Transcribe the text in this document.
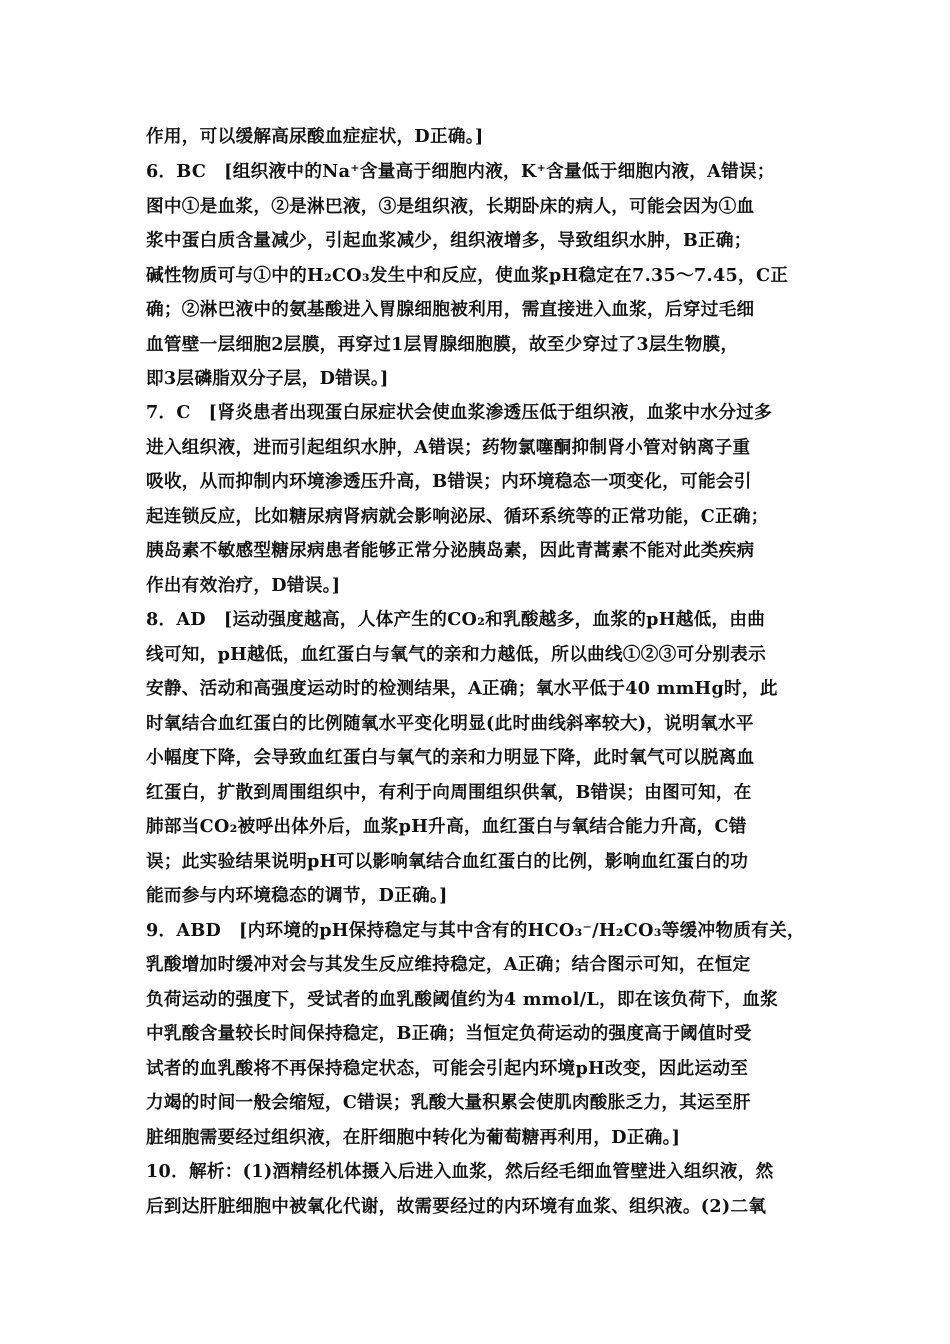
作用，可以缓解高尿酸血症症状，D正确。]
6．BC　[组织液中的Na⁺含量高于细胞内液，K⁺含量低于细胞内液，A错误；
图中①是血浆，②是淋巴液，③是组织液，长期卧床的病人，可能会因为①血
浆中蛋白质含量减少，引起血浆减少，组织液增多，导致组织水肿，B正确；
碱性物质可与①中的H₂CO₃发生中和反应，使血浆pH稳定在7.35～7.45，C正
确；②淋巴液中的氨基酸进入胃腺细胞被利用，需直接进入血浆，后穿过毛细
血管壁一层细胞2层膜，再穿过1层胃腺细胞膜，故至少穿过了3层生物膜，
即3层磷脂双分子层，D错误。]
7．C　[肾炎患者出现蛋白尿症状会使血浆渗透压低于组织液，血浆中水分过多
进入组织液，进而引起组织水肿，A错误；药物氯噻酮抑制肾小管对钠离子重
吸收，从而抑制内环境渗透压升高，B错误；内环境稳态一项变化，可能会引
起连锁反应，比如糖尿病肾病就会影响泌尿、循环系统等的正常功能，C正确；
胰岛素不敏感型糖尿病患者能够正常分泌胰岛素，因此青蒿素不能对此类疾病
作出有效治疗，D错误。]
8．AD　[运动强度越高，人体产生的CO₂和乳酸越多，血浆的pH越低，由曲
线可知，pH越低，血红蛋白与氧气的亲和力越低，所以曲线①②③可分别表示
安静、活动和高强度运动时的检测结果，A正确；氧水平低于40 mmHg时，此
时氧结合血红蛋白的比例随氧水平变化明显(此时曲线斜率较大)，说明氧水平
小幅度下降，会导致血红蛋白与氧气的亲和力明显下降，此时氧气可以脱离血
红蛋白，扩散到周围组织中，有利于向周围组织供氧，B错误；由图可知，在
肺部当CO₂被呼出体外后，血浆pH升高，血红蛋白与氧结合能力升高，C错
误；此实验结果说明pH可以影响氧结合血红蛋白的比例，影响血红蛋白的功
能而参与内环境稳态的调节，D正确。]
9．ABD　[内环境的pH保持稳定与其中含有的HCO₃⁻/H₂CO₃等缓冲物质有关，
乳酸增加时缓冲对会与其发生反应维持稳定，A正确；结合图示可知，在恒定
负荷运动的强度下，受试者的血乳酸阈值约为4 mmol/L，即在该负荷下，血浆
中乳酸含量较长时间保持稳定，B正确；当恒定负荷运动的强度高于阈值时受
试者的血乳酸将不再保持稳定状态，可能会引起内环境pH改变，因此运动至
力竭的时间一般会缩短，C错误；乳酸大量积累会使肌肉酸胀乏力，其运至肝
脏细胞需要经过组织液，在肝细胞中转化为葡萄糖再利用，D正确。]
10．解析：(1)酒精经机体摄入后进入血浆，然后经毛细血管壁进入组织液，然
后到达肝脏细胞中被氧化代谢，故需要经过的内环境有血浆、组织液。(2)二氧
